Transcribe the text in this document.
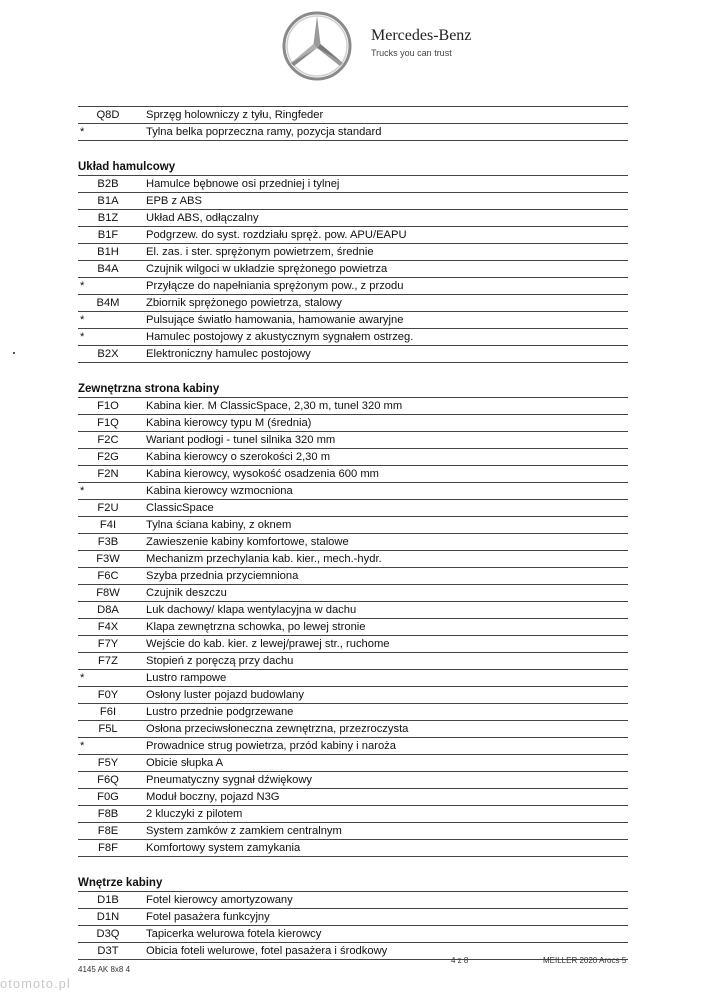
Mercedes-Benz
Trucks you can trust
Q8D	Sprzęg holowniczy z tyłu, Ringfeder
*	Tylna belka poprzeczna ramy, pozycja standard
Układ hamulcowy
B2B	Hamulce bębnowe osi przedniej i tylnej
B1A	EPB z ABS
B1Z	Układ ABS, odłączalny
B1F	Podgrzew. do syst. rozdziału spręż. pow. APU/EAPU
B1H	El. zas. i ster. sprężonym powietrzem, średnie
B4A	Czujnik wilgoci w układzie sprężonego powietrza
*	Przyłącze do napełniania sprężonym pow., z przodu
B4M	Zbiornik sprężonego powietrza, stalowy
*	Pulsujące światło hamowania, hamowanie awaryjne
*	Hamulec postojowy z akustycznym sygnałem ostrzeg.
B2X	Elektroniczny hamulec postojowy
Zewnętrzna strona kabiny
F1O	Kabina kier. M ClassicSpace, 2,30 m, tunel 320 mm
F1Q	Kabina kierowcy typu M (średnia)
F2C	Wariant podłogi - tunel silnika 320 mm
F2G	Kabina kierowcy o szerokości 2,30 m
F2N	Kabina kierowcy, wysokość osadzenia 600 mm
*	Kabina kierowcy wzmocniona
F2U	ClassicSpace
F4I	Tylna ściana kabiny, z oknem
F3B	Zawieszenie kabiny komfortowe, stalowe
F3W	Mechanizm przechylania kab. kier., mech.-hydr.
F6C	Szyba przednia przyciemniona
F8W	Czujnik deszczu
D8A	Luk dachowy/ klapa wentylacyjna w dachu
F4X	Klapa zewnętrzna schowka, po lewej stronie
F7Y	Wejście do kab. kier. z lewej/prawej str., ruchome
F7Z	Stopień z poręczą przy dachu
*	Lustro rampowe
F0Y	Osłony luster pojazd budowlany
F6I	Lustro przednie podgrzewane
F5L	Osłona przeciwsłoneczna zewnętrzna, przezroczysta
*	Prowadnice strug powietrza, przód kabiny i naroża
F5Y	Obicie słupka A
F6Q	Pneumatyczny sygnał dźwiękowy
F0G	Moduł boczny, pojazd N3G
F8B	2 kluczyki z pilotem
F8E	System zamków z zamkiem centralnym
F8F	Komfortowy system zamykania
Wnętrze kabiny
D1B	Fotel kierowcy amortyzowany
D1N	Fotel pasażera funkcyjny
D3Q	Tapicerka welurowa fotela kierowcy
D3T	Obicia foteli welurowe, fotel pasażera i środkowy
4145 AK 8x8 4
4 z 8	MEILLER 2020 Arocs 5
otomoto.pl
